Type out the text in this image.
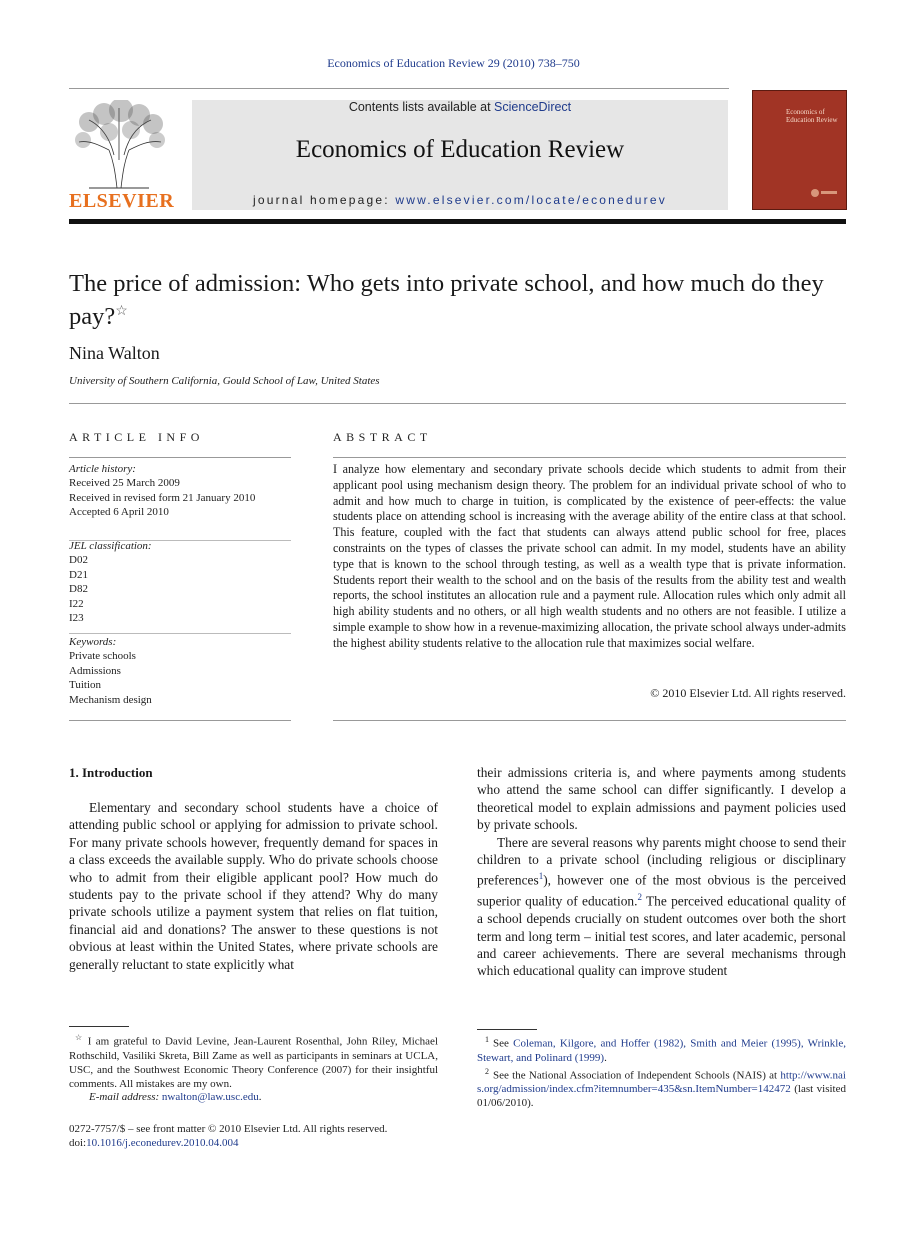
Economics of Education Review 29 (2010) 738–750
ELSEVIER
Contents lists available at ScienceDirect
Economics of Education Review
journal homepage: www.elsevier.com/locate/econedurev
Economics of Education Review
The price of admission: Who gets into private school, and how much do they pay?☆
Nina Walton
University of Southern California, Gould School of Law, United States
ARTICLE INFO
Article history:
Received 25 March 2009
Received in revised form 21 January 2010
Accepted 6 April 2010
JEL classification:
D02
D21
D82
I22
I23
Keywords:
Private schools
Admissions
Tuition
Mechanism design
ABSTRACT
I analyze how elementary and secondary private schools decide which students to admit from their applicant pool using mechanism design theory. The problem for an individual private school of who to admit and how much to charge in tuition, is complicated by the existence of peer-effects: the value students place on attending school is increasing with the average ability of the entire class at that school. This feature, coupled with the fact that students can always attend public school for free, places constraints on the types of classes the private school can admit. In my model, students have an ability type that is known to the school through testing, as well as a wealth type that is private information. Students report their wealth to the school and on the basis of the results from the ability test and wealth reports, the school institutes an allocation rule and a payment rule. Allocation rules which only admit all high ability students and no others, or all high wealth students and no others are not feasible. I utilize a simple example to show how in a revenue-maximizing allocation, the private school always under-admits the highest ability students relative to the allocation rule that maximizes social welfare.
© 2010 Elsevier Ltd. All rights reserved.
1. Introduction

Elementary and secondary school students have a choice of attending public school or applying for admission to private school. For many private schools however, frequently demand for spaces in a class exceeds the available supply. Who do private schools choose who to admit from their eligible applicant pool? How much do students pay to the private school if they attend? Why do many private schools utilize a payment system that relies on flat tuition, financial aid and donations? The answer to these questions is not obvious at least within the United States, where private schools are generally reluctant to state explicitly what

their admissions criteria is, and where payments among students who attend the same school can differ significantly. I develop a theoretical model to explain admissions and payment policies used by private schools.

There are several reasons why parents might choose to send their children to a private school (including religious or disciplinary preferences$^1$), however one of the most obvious is the perceived superior quality of education.$^2$ The perceived educational quality of a school depends crucially on student outcomes over both the short term and long term – initial test scores, and later academic, personal and career achievements. There are several mechanisms through which educational quality can improve student

☆ I am grateful to David Levine, Jean-Laurent Rosenthal, John Riley, Michael Rothschild, Vasiliki Skreta, Bill Zame as well as participants in seminars at UCLA, USC, and the Southwest Economic Theory Conference (2007) for their insightful comments. All mistakes are my own.
E-mail address: nwalton@law.usc.edu.
$^1$ See Coleman, Kilgore, and Hoffer (1982), Smith and Meier (1995), Wrinkle, Stewart, and Polinard (1999).
$^2$ See the National Association of Independent Schools (NAIS) at http://www.nais.org/admission/index.cfm?itemnumber=435&sn.ItemNumber=142472 (last visited 01/06/2010).
0272-7757/$ – see front matter © 2010 Elsevier Ltd. All rights reserved.
doi:10.1016/j.econedurev.2010.04.004
